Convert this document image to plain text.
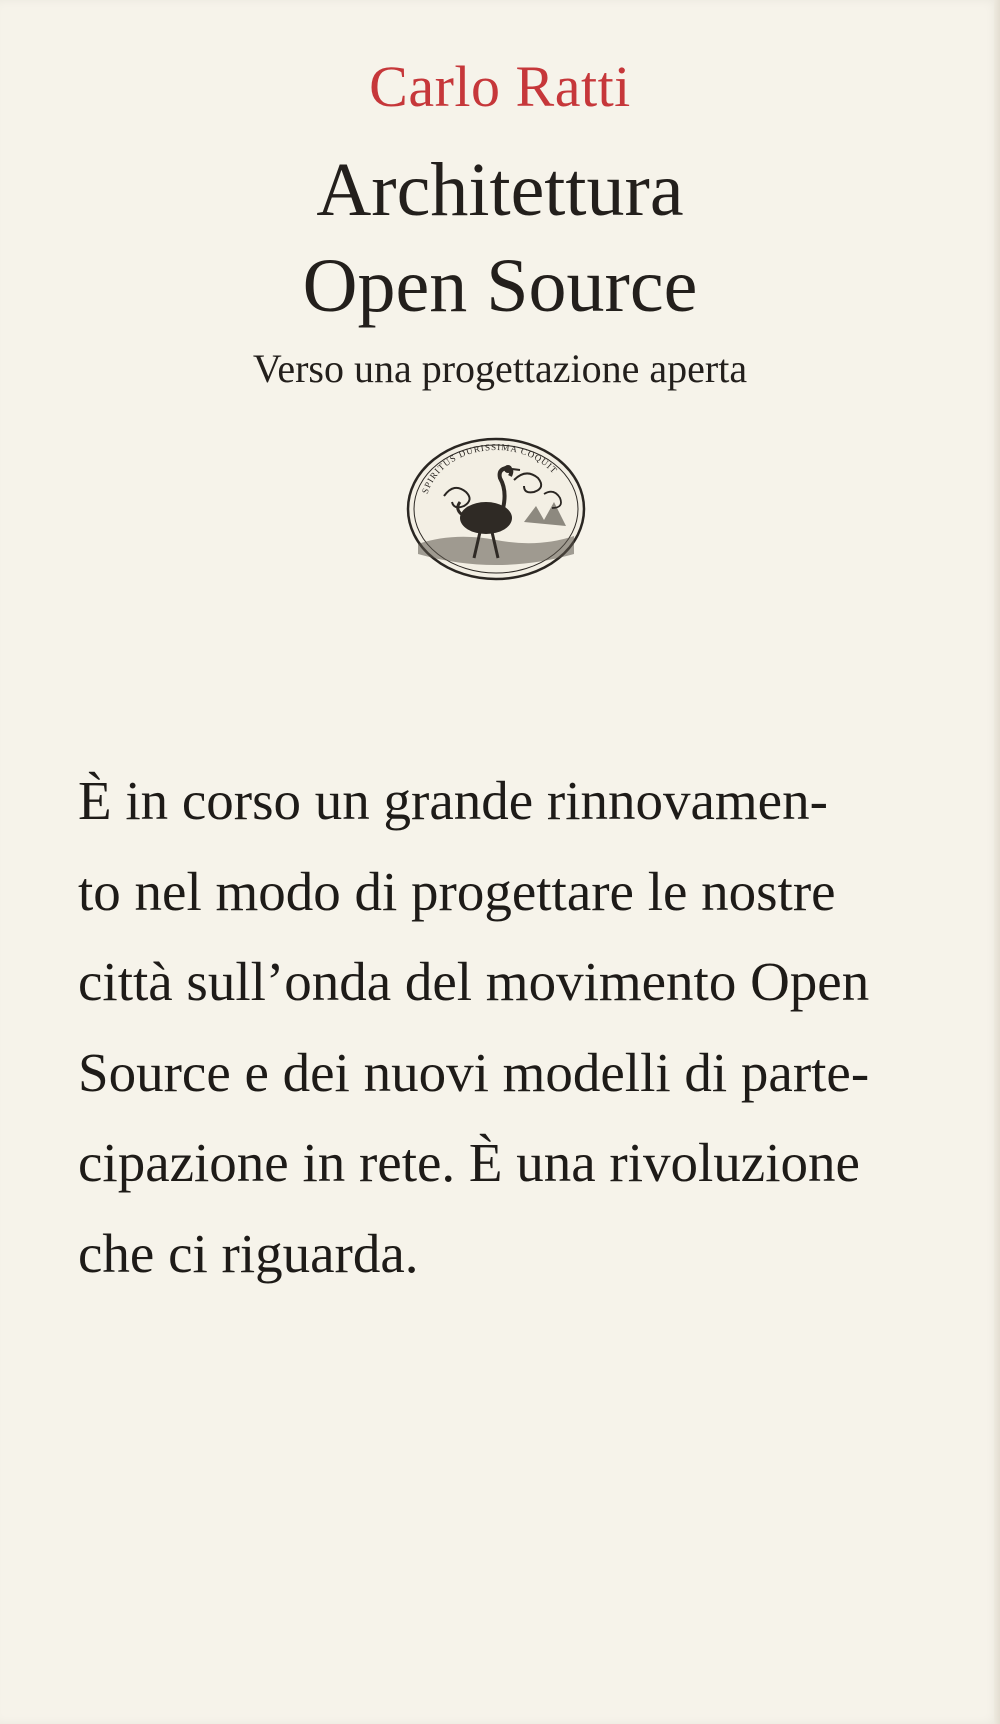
Carlo Ratti
Architettura
Open Source
Verso una progettazione aperta
SPIRITUS DURISSIMA COQUIT
È in corso un grande rinnovamen-
to nel modo di progettare le nostre
città sull’onda del movimento Open
Source e dei nuovi modelli di parte-
cipazione in rete. È una rivoluzione
che ci riguarda.
